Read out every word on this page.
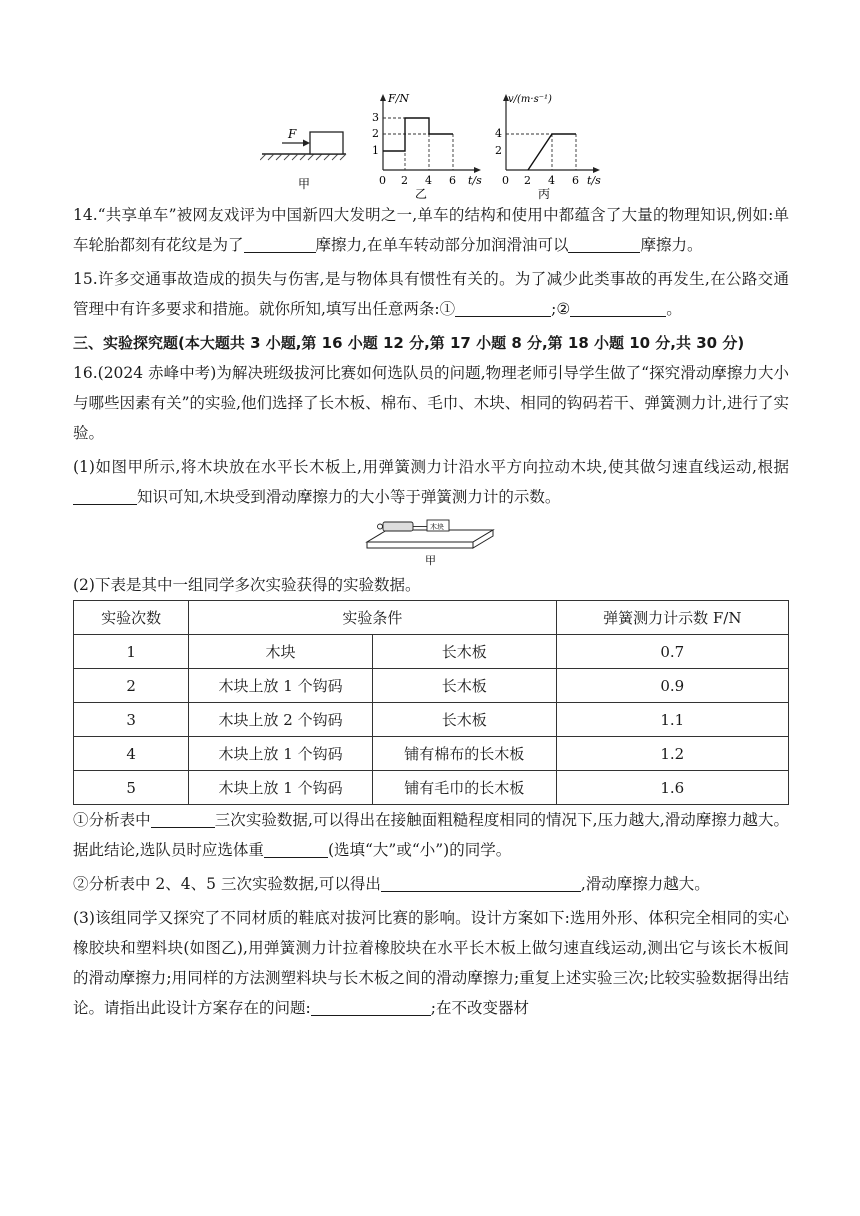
F
甲
F/N
t/s
1
2
3
0 2 4 6
乙
v/(m·s⁻¹)
t/s
2
4
0 2 4 6
丙

14.“共享单车”被网友戏评为中国新四大发明之一,单车的结构和使用中都蕴含了大量的物理知识,例如:单车轮胎都刻有花纹是为了	摩擦力,在单车转动部分加润滑油可以	摩擦力。

15.许多交通事故造成的损失与伤害,是与物体具有惯性有关的。为了减少此类事故的再发生,在公路交通管理中有许多要求和措施。就你所知,填写出任意两条:①	;②	。

三、实验探究题(本大题共 3 小题,第 16 小题 12 分,第 17 小题 8 分,第 18 小题 10 分,共 30 分)

16.(2024 赤峰中考)为解决班级拔河比赛如何选队员的问题,物理老师引导学生做了“探究滑动摩擦力大小与哪些因素有关”的实验,他们选择了长木板、棉布、毛巾、木块、相同的钩码若干、弹簧测力计,进行了实验。

(1)如图甲所示,将木块放在水平长木板上,用弹簧测力计沿水平方向拉动木块,使其做匀速直线运动,根据知识可知,木块受到滑动摩擦力的大小等于弹簧测力计的示数。

木块
甲

(2)下表是其中一组同学多次实验获得的实验数据。

实验次数	实验条件		弹簧测力计示数 F/N
1	木块	长木板	0.7
2	木块上放 1 个钩码	长木板	0.9
3	木块上放 2 个钩码	长木板	1.1
4	木块上放 1 个钩码	铺有棉布的长木板	1.2
5	木块上放 1 个钩码	铺有毛巾的长木板	1.6

①分析表中	三次实验数据,可以得出在接触面粗糙程度相同的情况下,压力越大,滑动摩擦力越大。据此结论,选队员时应选体重	(选填“大”或“小”)的同学。

②分析表中 2、4、5 三次实验数据,可以得出	,滑动摩擦力越大。

(3)该组同学又探究了不同材质的鞋底对拔河比赛的影响。设计方案如下:选用外形、体积完全相同的实心橡胶块和塑料块(如图乙),用弹簧测力计拉着橡胶块在水平长木板上做匀速直线运动,测出它与该长木板间的滑动摩擦力;用同样的方法测塑料块与长木板之间的滑动摩擦力;重复上述实验三次;比较实验数据得出结论。请指出此设计方案存在的问题:	;在不改变器材
